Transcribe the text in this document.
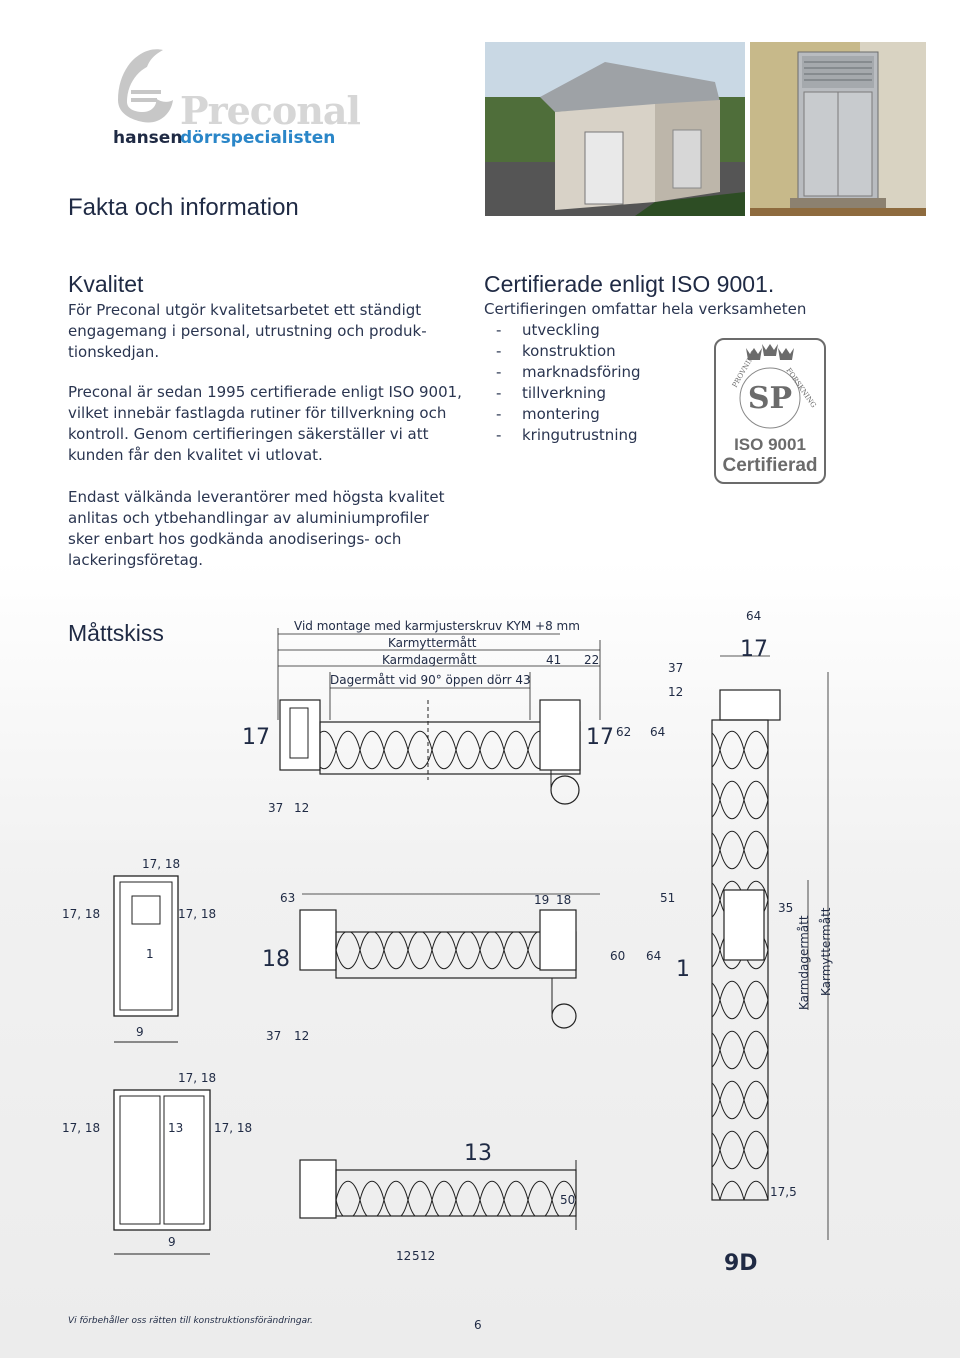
Preconal
hansen
dörrspecialisten
Fakta och information
Kvalitet

För Preconal utgör kvalitetsarbetet ett ständigt
engagemang i personal, utrustning och produk-
tionskedjan.

Preconal är sedan 1995 certifierade enligt ISO 9001,
vilket innebär fastlagda rutiner för tillverkning och
kontroll. Genom certifieringen säkerställer vi att
kunden får den kvalitet vi utlovat.

Endast välkända leverantörer med högsta kvalitet
anlitas och ytbehandlingar av aluminiumprofiler
sker enbart hos godkända anodiserings- och
lackeringsföretag.

Certifierade enligt ISO 9001.
Certifieringen omfattar hela verksamheten
- utveckling
- konstruktion
- marknadsföring
- tillverkning
- montering
- kringutrustning
SP
PROVNING	FORSKNING
ISO 9001
Certifierad
Måttskiss	Vid montage med karmjusterskruv KYM +8 mm
Karmyttermått
Karmdagermått
Dagermått vid 90° öppen dörr 43
41 22
17	17 62 64
37 12
18
63	19 18
60 64
37 12
13
50
12 5 12
64
17
37
12
51
35
1
17,5
Karmdagermått Karmyttermått
17, 18
17, 18	17, 18
1
9
17, 18
17, 18	13	17, 18
9
9D
Vi förbehåller oss rätten till konstruktionsförändringar.	6
